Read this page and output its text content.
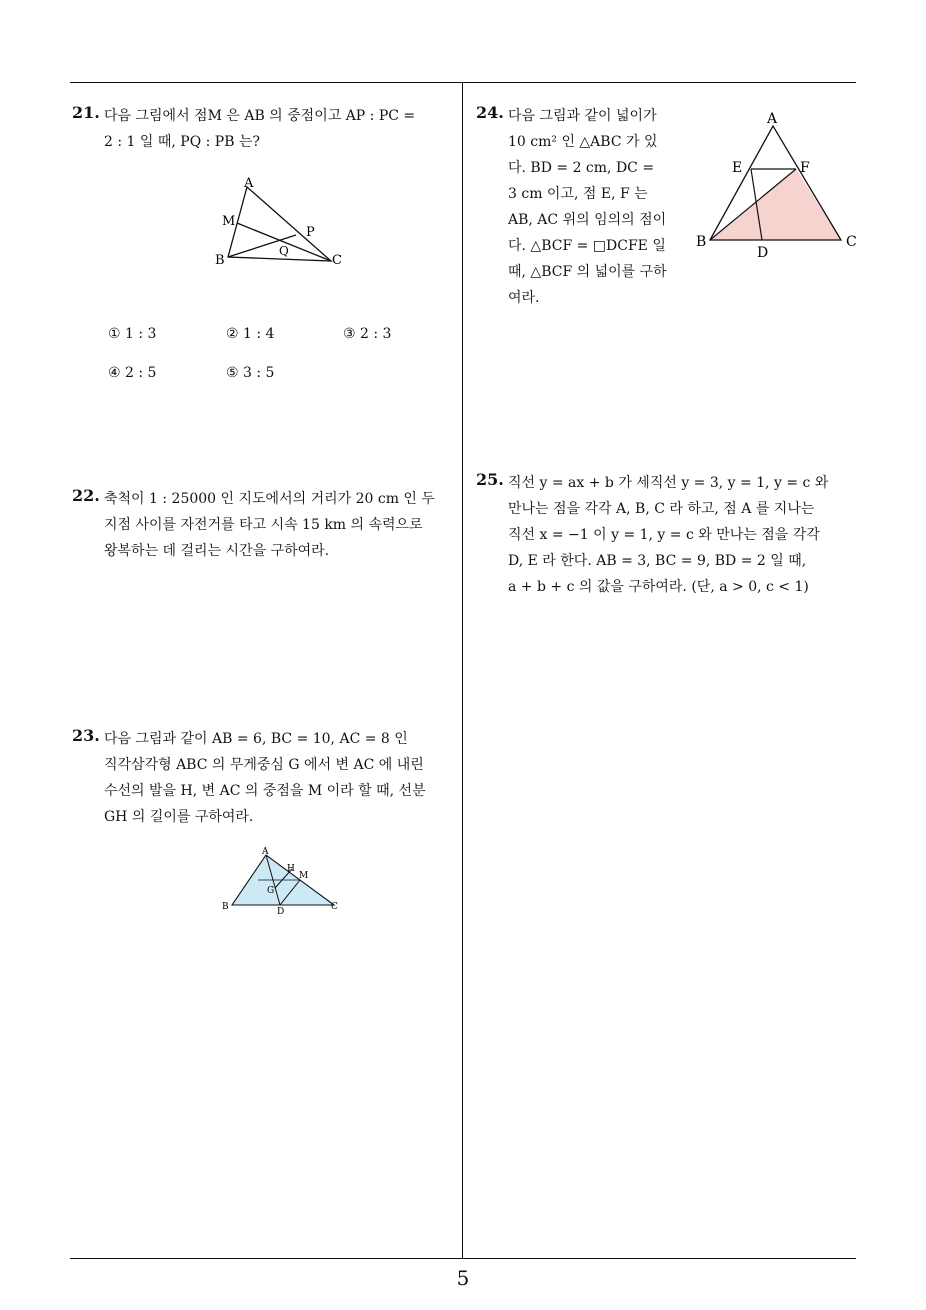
21. 다음 그림에서 점M 은 AB 의 중점이고 AP : PC =
2 : 1 일 때, PQ : PB 는?
A
M
P
Q
B	C
① 1 : 3	② 1 : 4	③ 2 : 3
④ 2 : 5	⑤ 3 : 5
22. 축척이 1 : 25000 인 지도에서의 거리가 20 cm 인 두
지점 사이를 자전거를 타고 시속 15 km 의 속력으로
왕복하는 데 걸리는 시간을 구하여라.
23. 다음 그림과 같이 AB = 6, BC = 10, AC = 8 인
직각삼각형 ABC 의 무게중심 G 에서 변 AC 에 내린
수선의 발을 H, 변 AC 의 중점을 M 이라 할 때, 선분
GH 의 길이를 구하여라.
A
H
M
G
B	D	C
24. 다음 그림과 같이 넓이가
10 cm² 인 △ABC 가 있
다. BD = 2 cm, DC =
3 cm 이고, 점 E, F 는
AB, AC 위의 임의의 점이
다. △BCF = □DCFE 일
때, △BCF 의 넓이를 구하
여라.
A
E	F
B
D
C
25. 직선 y = ax + b 가 세직선 y = 3, y = 1, y = c 와
만나는 점을 각각 A, B, C 라 하고, 점 A 를 지나는
직선 x = −1 이 y = 1, y = c 와 만나는 점을 각각
D, E 라 한다. AB = 3, BC = 9, BD = 2 일 때,
a + b + c 의 값을 구하여라. (단, a > 0, c < 1)
5
